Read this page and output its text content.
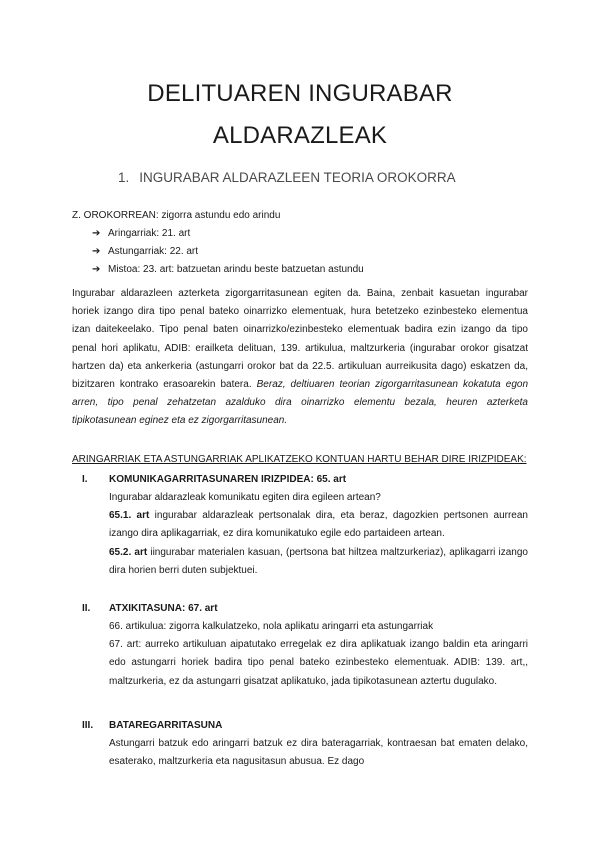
DELITUAREN INGURABAR
ALDARAZLEAK
1. INGURABAR ALDARAZLEEN TEORIA OROKORRA
Z. OROKORREAN: zigorra astundu edo arindu
➔ Aringarriak: 21. art
➔ Astungarriak: 22. art
➔ Mistoa: 23. art: batzuetan arindu beste batzuetan astundu

Ingurabar aldarazleen azterketa zigorgarritasunean egiten da. Baina, zenbait kasuetan ingurabar horiek izango dira tipo penal bateko oinarrizko elementuak, hura betetzeko ezinbesteko elementua izan daitekeelako. Tipo penal baten oinarrizko/ezinbesteko elementuak badira ezin izango da tipo penal hori aplikatu, ADIB: erailketa delituan, 139. artikulua, maltzurkeria (ingurabar orokor gisatzat hartzen da) eta ankerkeria (astungarri orokor bat da 22.5. artikuluan aurreikusita dago) eskatzen da, bizitzaren kontrako erasoarekin batera. Beraz, deltiuaren teorian zigorgarritasunean kokatuta egon arren, tipo penal zehatzetan azalduko dira oinarrizko elementu bezala, heuren azterketa tipikotasunean eginez eta ez zigorgarritasunean.

ARINGARRIAK ETA ASTUNGARRIAK APLIKATZEKO KONTUAN HARTU BEHAR DIRE IRIZPIDEAK:
I. KOMUNIKAGARRITASUNAREN IRIZPIDEA: 65. art

Ingurabar aldarazleak komunikatu egiten dira egileen artean?

65.1. art ingurabar aldarazleak pertsonalak dira, eta beraz, dagozkien pertsonen aurrean izango dira aplikagarriak, ez dira komunikatuko egile edo partaideen artean.

65.2. art iingurabar materialen kasuan, (pertsona bat hiltzea maltzurkeriaz), aplikagarri izango dira horien berri duten subjektuei.

II. ATXIKITASUNA: 67. art

66. artikulua: zigorra kalkulatzeko, nola aplikatu aringarri eta astungarriak

67. art: aurreko artikuluan aipatutako erregelak ez dira aplikatuak izango baldin eta aringarri edo astungarri horiek badira tipo penal bateko ezinbesteko elementuak. ADIB: 139. art,, maltzurkeria, ez da astungarri gisatzat aplikatuko, jada tipikotasunean aztertu dugulako.

III. BATAREGARRITASUNA

Astungarri batzuk edo aringarri batzuk ez dira bateragarriak, kontraesan bat ematen delako, esaterako, maltzurkeria eta nagusitasun abusua. Ez dago
